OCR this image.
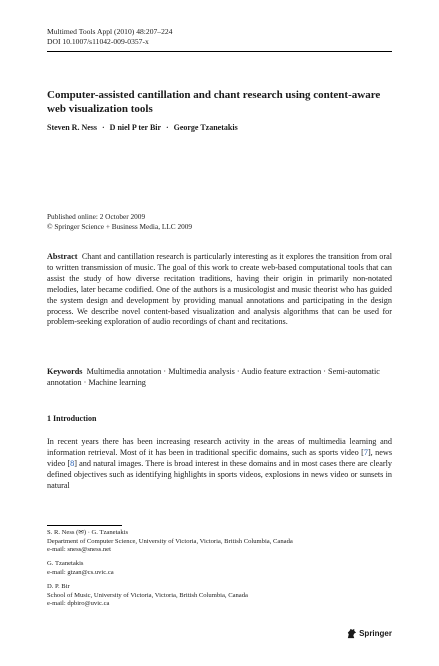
Multimed Tools Appl (2010) 48:207–224
DOI 10.1007/s11042-009-0357-x
Computer-assisted cantillation and chant research using content-aware web visualization tools
Steven R. Ness · D niel P ter Bir · George Tzanetakis
Published online: 2 October 2009
© Springer Science + Business Media, LLC 2009

Abstract Chant and cantillation research is particularly interesting as it explores the transition from oral to written transmission of music. The goal of this work to create web-based computational tools that can assist the study of how diverse recitation traditions, having their origin in primarily non-notated melodies, later became codified. One of the authors is a musicologist and music theorist who has guided the system design and development by providing manual annotations and participating in the design process. We describe novel content-based visualization and analysis algorithms that can be used for problem-seeking exploration of audio recordings of chant and recitations.

Keywords Multimedia annotation · Multimedia analysis · Audio feature extraction · Semi-automatic annotation · Machine learning

1 Introduction

In recent years there has been increasing research activity in the areas of multimedia learning and information retrieval. Most of it has been in traditional specific domains, such as sports video [7], news video [8] and natural images. There is broad interest in these domains and in most cases there are clearly defined objectives such as identifying highlights in sports videos, explosions in news video or sunsets in natural

S. R. Ness (✉) · G. Tzanetakis
Department of Computer Science, University of Victoria, Victoria, British Columbia, Canada
e-mail: sness@sness.net
G. Tzanetakis
e-mail: gtzan@cs.uvic.ca
D. P. Bir
School of Music, University of Victoria, Victoria, British Columbia, Canada
e-mail: dpbiro@uvic.ca
Springer
